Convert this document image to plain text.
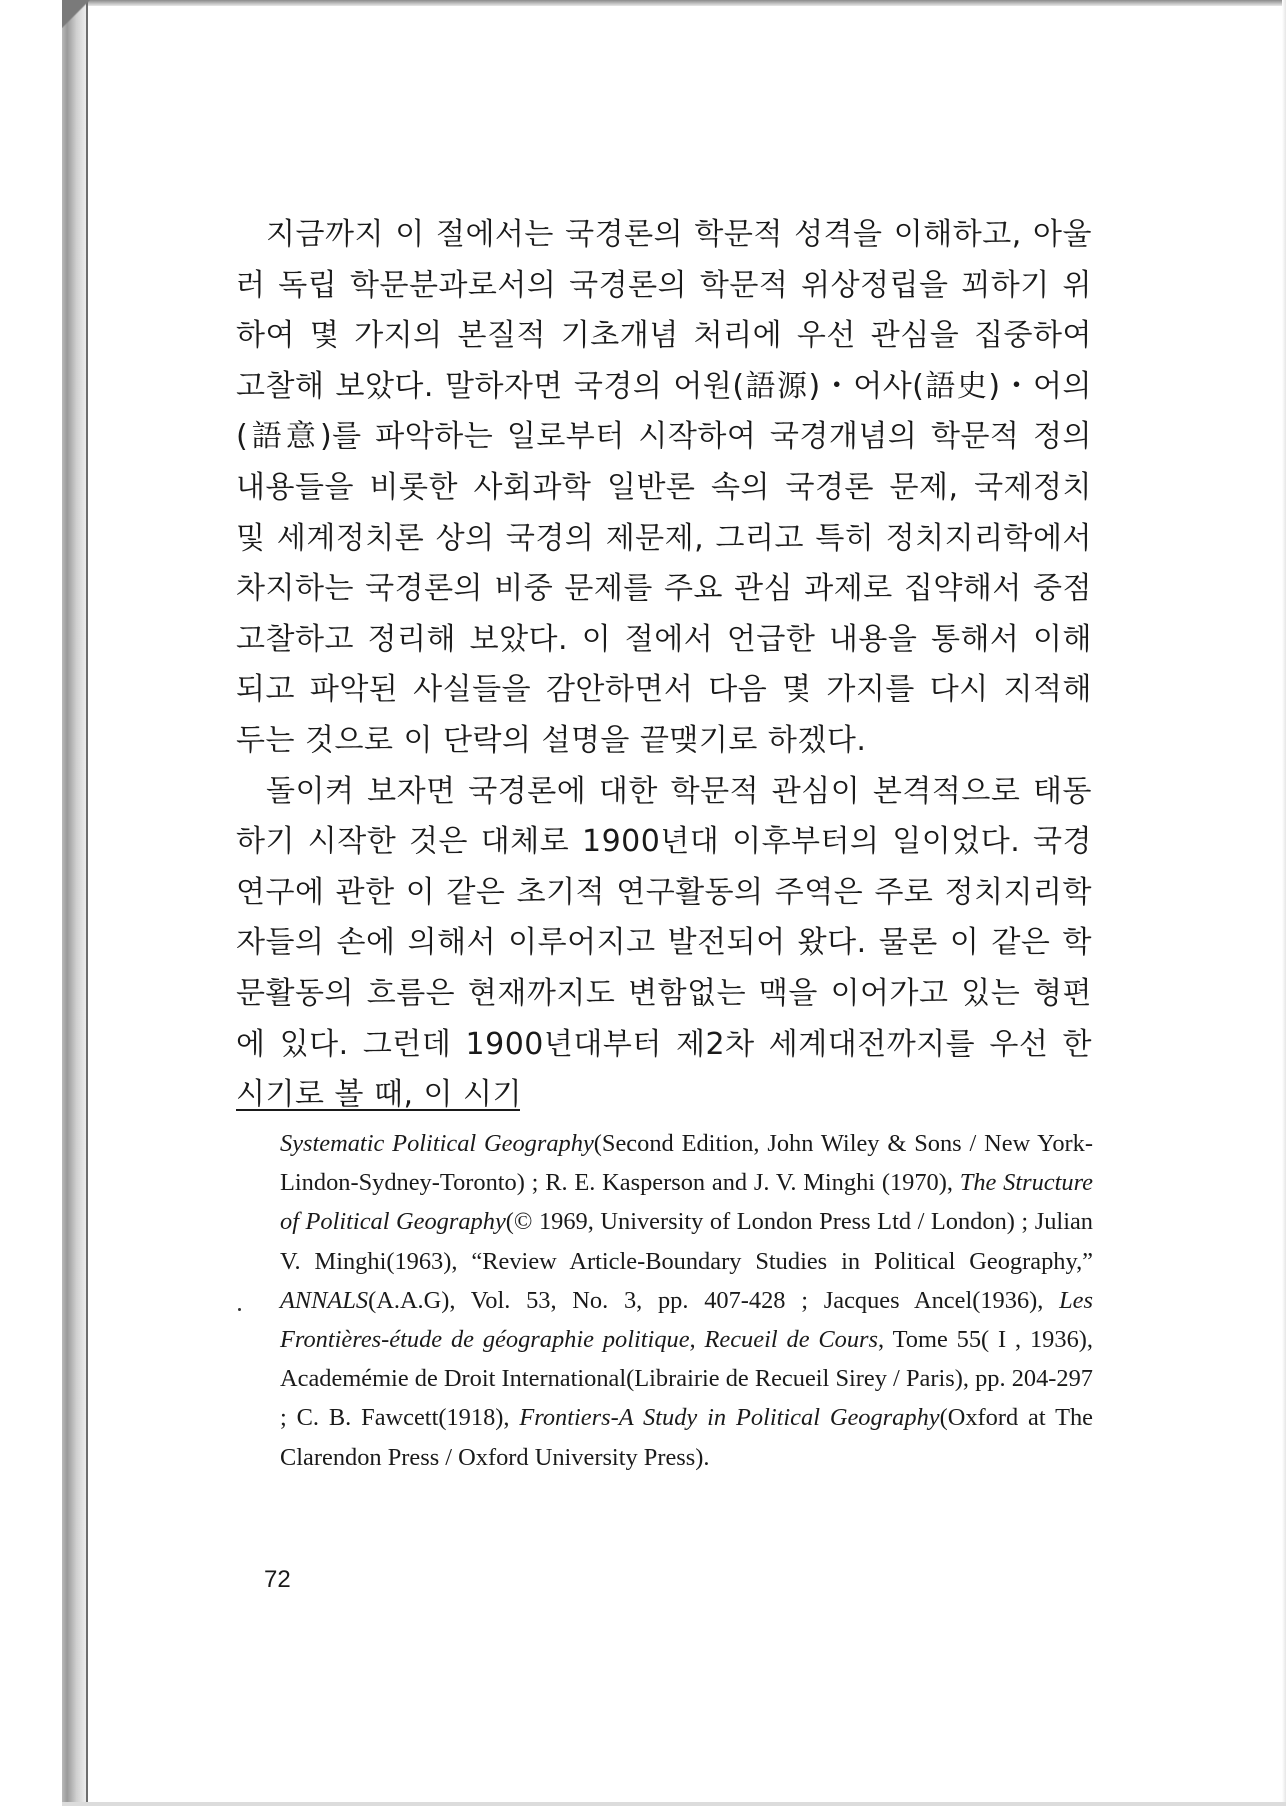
지금까지 이 절에서는 국경론의 학문적 성격을 이해하고, 아울러 독립 학문분과로서의 국경론의 학문적 위상정립을 꾀하기 위하여 몇 가지의 본질적 기초개념 처리에 우선 관심을 집중하여 고찰해 보았다. 말하자면 국경의 어원(語源)・어사(語史)・어의(語意)를 파악하는 일로부터 시작하여 국경개념의 학문적 정의 내용들을 비롯한 사회과학 일반론 속의 국경론 문제, 국제정치 및 세계정치론 상의 국경의 제문제, 그리고 특히 정치지리학에서 차지하는 국경론의 비중 문제를 주요 관심 과제로 집약해서 중점 고찰하고 정리해 보았다. 이 절에서 언급한 내용을 통해서 이해되고 파악된 사실들을 감안하면서 다음 몇 가지를 다시 지적해 두는 것으로 이 단락의 설명을 끝맺기로 하겠다.

돌이켜 보자면 국경론에 대한 학문적 관심이 본격적으로 태동하기 시작한 것은 대체로 1900년대 이후부터의 일이었다. 국경연구에 관한 이 같은 초기적 연구활동의 주역은 주로 정치지리학자들의 손에 의해서 이루어지고 발전되어 왔다. 물론 이 같은 학문활동의 흐름은 현재까지도 변함없는 맥을 이어가고 있는 형편에 있다. 그런데 1900년대부터 제2차 세계대전까지를 우선 한 시기로 볼 때, 이 시기

Systematic Political Geography(Second Edition, John Wiley & Sons / New York-Lindon-Sydney-Toronto) ; R. E. Kasperson and J. V. Minghi (1970), The Structure of Political Geography(© 1969, University of London Press Ltd / London) ; Julian V. Minghi(1963), “Review Article-Boundary Studies in Political Geography,” ANNALS(A.A.G), Vol. 53, No. 3, pp. 407-428 ; Jacques Ancel(1936), Les Frontières-étude de géographie politique, Recueil de Cours, Tome 55( I , 1936), Academémie de Droit International(Librairie de Recueil Sirey / Paris), pp. 204-297 ; C. B. Fawcett(1918), Frontiers-A Study in Political Geography(Oxford at The Clarendon Press / Oxford University Press).
72
